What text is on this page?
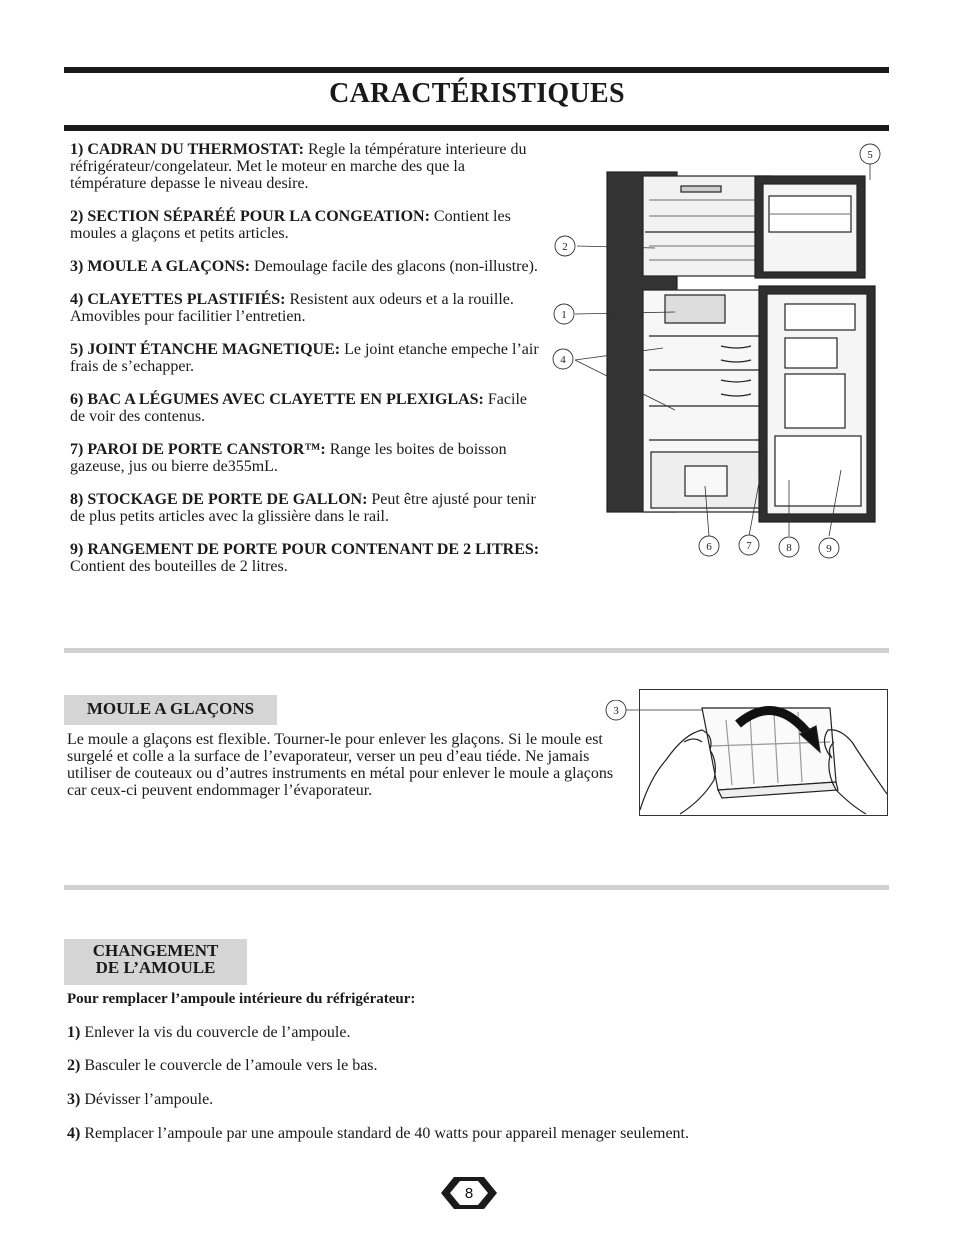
CARACTÉRISTIQUES

1) CADRAN DU THERMOSTAT: Regle la témpérature interieure du réfrigérateur/congelateur. Met le moteur en marche des que la témpérature depasse le niveau desire.

2) SECTION SÉPARÉÉ POUR LA CONGEATION: Contient les moules a glaçons et petits articles.

3) MOULE A GLAÇONS: Demoulage facile des glacons (non-illustre).

4) CLAYETTES PLASTIFIÉS: Resistent aux odeurs et a la rouille. Amovibles pour facilitier l’entretien.

5) JOINT ÉTANCHE MAGNETIQUE: Le joint etanche empeche l’air frais de s’echapper.

6) BAC A LÉGUMES AVEC CLAYETTE EN PLEXIGLAS: Facile de voir des contenus.

7) PAROI DE PORTE CANSTOR™: Range les boites de boisson gazeuse, jus ou bierre de355mL.

8) STOCKAGE DE PORTE DE GALLON: Peut être ajusté pour tenir de plus petits articles avec la glissière dans le rail.

9) RANGEMENT DE PORTE POUR CONTENANT DE 2 LITRES: Contient des bouteilles de 2 litres.

2
1
4
5
6	7	8	9
MOULE A GLAÇONS

Le moule a glaçons est flexible. Tourner-le pour enlever les glaçons. Si le moule est surgelé et colle a la surface de l’evaporateur, verser un peu d’eau tiéde. Ne jamais utiliser de couteaux ou d’autres instruments en métal pour enlever le moule a glaçons car ceux-ci peuvent endommager l’évaporateur.

3
CHANGEMENT
DE L’AMOULE

Pour remplacer l’ampoule intérieure du réfrigérateur:

1) Enlever la vis du couvercle de l’ampoule.

2) Basculer le couvercle de l’amoule vers le bas.

3) Dévisser l’ampoule.

4) Remplacer l’ampoule par une ampoule standard de 40 watts pour appareil menager seulement.

8
